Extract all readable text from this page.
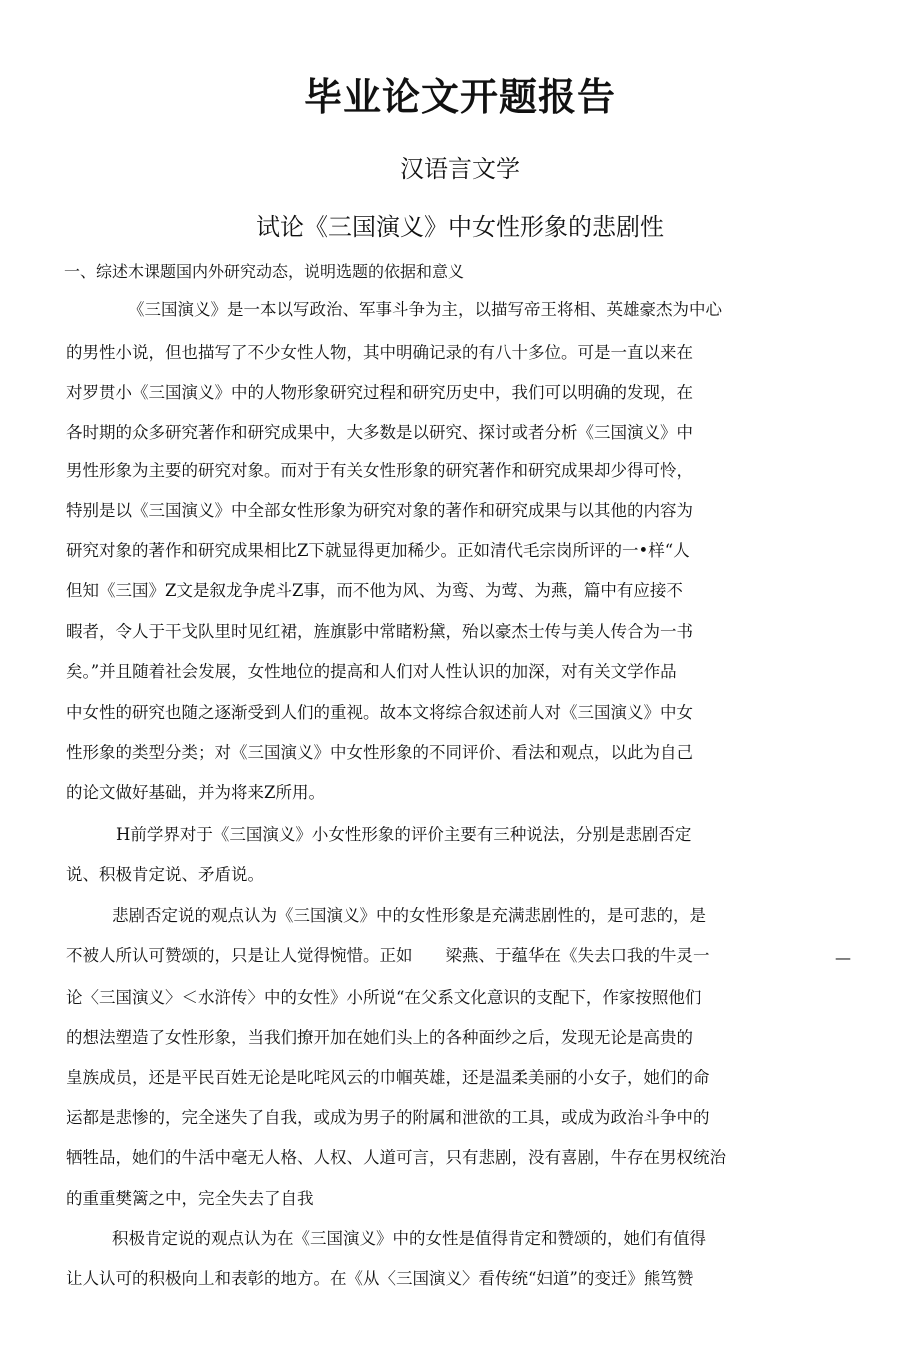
毕业论文开题报告
汉语言文学
试论《三国演义》中女性形象的悲剧性
一、综述木课题国内外研究动态，说明选题的依据和意义
《三国演义》是一本以写政治、军事斗争为主，以描写帝王将相、英雄豪杰为中心
的男性小说，但也描写了不少女性人物，其中明确记录的有八十多位。可是一直以来在
对罗贯小《三国演义》中的人物形象研究过程和研究历史中，我们可以明确的发现，在
各时期的众多研究著作和研究成果中，大多数是以研究、探讨或者分析《三国演义》中
男性形象为主要的研究对象。而对于有关女性形象的研究著作和研究成果却少得可怜，
特别是以《三国演义》中全部女性形象为研究对象的著作和研究成果与以其他的内容为
研究对象的著作和研究成果相比Z下就显得更加稀少。正如清代毛宗岗所评的一•样“人
但知《三国》Z文是叙龙争虎斗Z事，而不他为风、为鸾、为莺、为燕，篇中有应接不
暇者，令人于干戈队里时见红裙，旌旗影中常睹粉黛，殆以豪杰士传与美人传合为一书
矣。”并且随着社会发展，女性地位的提高和人们对人性认识的加深，对有关文学作品
中女性的研究也随之逐渐受到人们的重视。故本文将综合叙述前人对《三国演义》中女
性形象的类型分类；对《三国演义》中女性形象的不同评价、看法和观点，以此为自己
的论文做好基础，并为将来Z所用。
H前学界对于《三国演义》小女性形象的评价主要有三种说法，分别是悲剧否定
说、积极肯定说、矛盾说。
悲剧否定说的观点认为《三国演义》中的女性形象是充满悲剧性的，是可悲的，是
不被人所认可赞颂的，只是让人觉得惋惜。正如　　梁燕、于蕴华在《失去口我的牛灵一
论〈三国演义〉＜水浒传〉中的女性》小所说“在父系文化意识的支配下，作家按照他们
的想法塑造了女性形象，当我们撩开加在她们头上的各种面纱之后，发现无论是高贵的
皇族成员，还是平民百姓无论是叱咤风云的巾帼英雄，还是温柔美丽的小女子，她们的命
运都是悲惨的，完全迷失了自我，或成为男子的附属和泄欲的工具，或成为政治斗争中的
牺牲品，她们的牛活中毫无人格、人权、人道可言，只有悲剧，没有喜剧，牛存在男权统治
的重重樊篱之中，完全失去了自我
积极肯定说的观点认为在《三国演义》中的女性是值得肯定和赞颂的，她们有值得
让人认可的积极向丄和表彰的地方。在《从〈三国演义〉看传统“妇道”的变迁》熊笃赞
—
